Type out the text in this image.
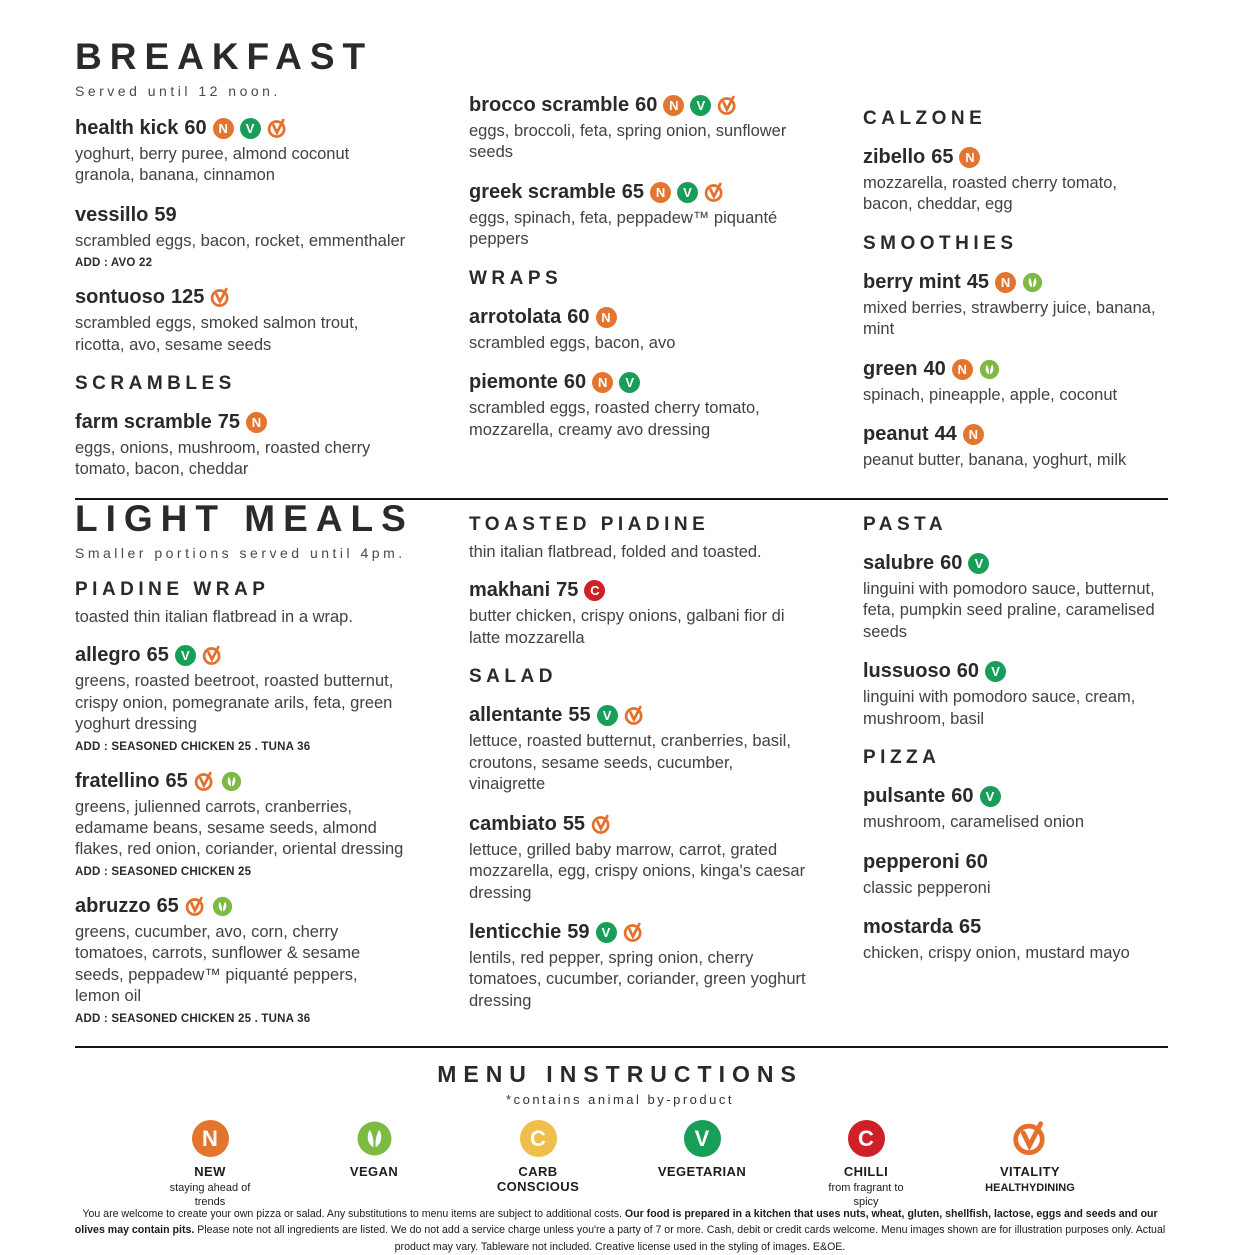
BREAKFAST
Served until 12 noon.
health kick 60 N	V
yoghurt, berry puree, almond coconut granola, banana, cinnamon
vessillo 59
scrambled eggs, bacon, rocket, emmenthaler
ADD : AVO 22
sontuoso 125
scrambled eggs, smoked salmon trout, ricotta, avo, sesame seeds
SCRAMBLES
farm scramble 75 N
eggs, onions, mushroom, roasted cherry tomato, bacon, cheddar
brocco scramble 60 N	V
eggs, broccoli, feta, spring onion, sunflower seeds
greek scramble 65 N	V
eggs, spinach, feta, peppadew™ piquanté peppers
WRAPS
arrotolata 60 N
scrambled eggs, bacon, avo
piemonte 60 N	V
scrambled eggs, roasted cherry tomato, mozzarella, creamy avo dressing
CALZONE
zibello 65 N
mozzarella, roasted cherry tomato, bacon, cheddar, egg
SMOOTHIES
berry mint 45 N
mixed berries, strawberry juice, banana, mint
green 40 N
spinach, pineapple, apple, coconut
peanut 44 N
peanut butter, banana, yoghurt, milk
LIGHT MEALS
Smaller portions served until 4pm.
PIADINE WRAP
toasted thin italian flatbread in a wrap.
allegro 65 V
greens, roasted beetroot, roasted butternut, crispy onion, pomegranate arils, feta, green yoghurt dressing
ADD : SEASONED CHICKEN 25 . TUNA 36
fratellino 65
greens, julienned carrots, cranberries, edamame beans, sesame seeds, almond flakes, red onion, coriander, oriental dressing
ADD : SEASONED CHICKEN 25
abruzzo 65
greens, cucumber, avo, corn, cherry tomatoes, carrots, sunflower & sesame seeds, peppadew™ piquanté peppers, lemon oil
ADD : SEASONED CHICKEN 25 . TUNA 36
TOASTED PIADINE
thin italian flatbread, folded and toasted.
makhani 75 C
butter chicken, crispy onions, galbani fior di latte mozzarella
SALAD
allentante 55 V
lettuce, roasted butternut, cranberries, basil, croutons, sesame seeds, cucumber, vinaigrette
cambiato 55
lettuce, grilled baby marrow, carrot, grated mozzarella, egg, crispy onions, kinga's caesar dressing
lenticchie 59 V
lentils, red pepper, spring onion, cherry tomatoes, cucumber, coriander, green yoghurt dressing
PASTA
salubre 60 V
linguini with pomodoro sauce, butternut, feta, pumpkin seed praline, caramelised seeds
lussuoso 60 V
linguini with pomodoro sauce, cream, mushroom, basil
PIZZA
pulsante 60 V
mushroom, caramelised onion
pepperoni 60
classic pepperoni
mostarda 65
chicken, crispy onion, mustard mayo
MENU INSTRUCTIONS
*contains animal by-product
N
NEW
staying ahead of trends
VEGAN
C
CARB CONSCIOUS
V
VEGETARIAN
C
CHILLI
from fragrant to spicy
VITALITY
HEALTHYDINING
You are welcome to create your own pizza or salad. Any substitutions to menu items are subject to additional costs. Our food is prepared in a kitchen that uses nuts, wheat, gluten, shellfish, lactose, eggs and seeds and our olives may contain pits. Please note not all ingredients are listed. We do not add a service charge unless you're a party of 7 or more. Cash, debit or credit cards welcome. Menu images shown are for illustration purposes only. Actual product may vary. Tableware not included. Creative license used in the styling of images. E&OE.
